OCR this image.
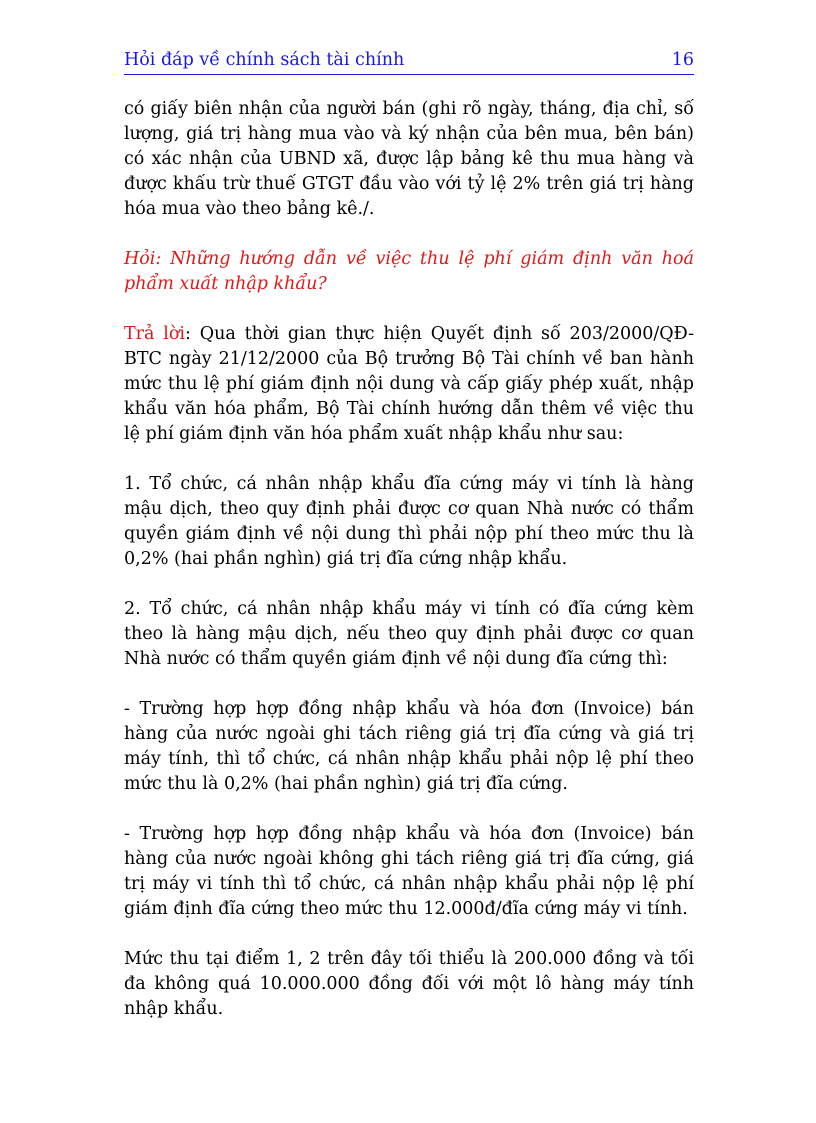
Hỏi đáp về chính sách tài chính	16

có giấy biên nhận của người bán (ghi rõ ngày, tháng, địa chỉ, số lượng, giá trị hàng mua vào và ký nhận của bên mua, bên bán) có xác nhận của UBND xã, được lập bảng kê thu mua hàng và được khấu trừ thuế GTGT đầu vào với tỷ lệ 2% trên giá trị hàng hóa mua vào theo bảng kê./.

Hỏi: Những hướng dẫn về việc thu lệ phí giám định văn hoá phẩm xuất nhập khẩu?

Trả lời: Qua thời gian thực hiện Quyết định số 203/2000/QĐ-BTC ngày 21/12/2000 của Bộ trưởng Bộ Tài chính về ban hành mức thu lệ phí giám định nội dung và cấp giấy phép xuất, nhập khẩu văn hóa phẩm, Bộ Tài chính hướng dẫn thêm về việc thu lệ phí giám định văn hóa phẩm xuất nhập khẩu như sau:

1. Tổ chức, cá nhân nhập khẩu đĩa cứng máy vi tính là hàng mậu dịch, theo quy định phải được cơ quan Nhà nước có thẩm quyền giám định về nội dung thì phải nộp phí theo mức thu là 0,2% (hai phần nghìn) giá trị đĩa cứng nhập khẩu.

2. Tổ chức, cá nhân nhập khẩu máy vi tính có đĩa cứng kèm theo là hàng mậu dịch, nếu theo quy định phải được cơ quan Nhà nước có thẩm quyền giám định về nội dung đĩa cứng thì:

- Trường hợp hợp đồng nhập khẩu và hóa đơn (Invoice) bán hàng của nước ngoài ghi tách riêng giá trị đĩa cứng và giá trị máy tính, thì tổ chức, cá nhân nhập khẩu phải nộp lệ phí theo mức thu là 0,2% (hai phần nghìn) giá trị đĩa cứng.

- Trường hợp hợp đồng nhập khẩu và hóa đơn (Invoice) bán hàng của nước ngoài không ghi tách riêng giá trị đĩa cứng, giá trị máy vi tính thì tổ chức, cá nhân nhập khẩu phải nộp lệ phí giám định đĩa cứng theo mức thu 12.000đ/đĩa cứng máy vi tính.

Mức thu tại điểm 1, 2 trên đây tối thiểu là 200.000 đồng và tối đa không quá 10.000.000 đồng đối với một lô hàng máy tính nhập khẩu.
